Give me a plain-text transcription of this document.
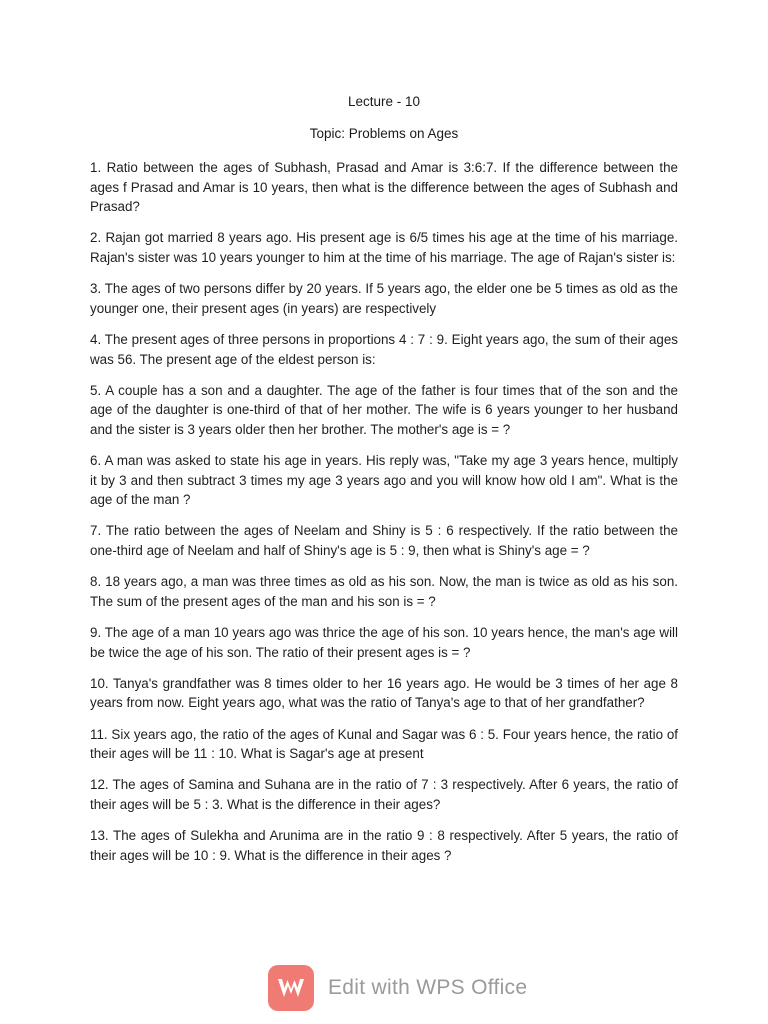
Lecture - 10
Topic: Problems on Ages

1. Ratio between the ages of Subhash, Prasad and Amar is 3:6:7. If the difference between the ages f Prasad and Amar is 10 years, then what is the difference between the ages of Subhash and Prasad?

2. Rajan got married 8 years ago. His present age is 6/5 times his age at the time of his marriage. Rajan's sister was 10 years younger to him at the time of his marriage. The age of Rajan's sister is:

3. The ages of two persons differ by 20 years. If 5 years ago, the elder one be 5 times as old as the younger one, their present ages (in years) are respectively

4. The present ages of three persons in proportions 4 : 7 : 9. Eight years ago, the sum of their ages was 56. The present age of the eldest person is:

5. A couple has a son and a daughter. The age of the father is four times that of the son and the age of the daughter is one-third of that of her mother. The wife is 6 years younger to her husband and the sister is 3 years older then her brother. The mother's age is = ?

6. A man was asked to state his age in years. His reply was, "Take my age 3 years hence, multiply it by 3 and then subtract 3 times my age 3 years ago and you will know how old I am". What is the age of the man ?

7. The ratio between the ages of Neelam and Shiny is 5 : 6 respectively. If the ratio between the one-third age of Neelam and half of Shiny's age is 5 : 9, then what is Shiny's age = ?

8. 18 years ago, a man was three times as old as his son. Now, the man is twice as old as his son. The sum of the present ages of the man and his son is = ?

9. The age of a man 10 years ago was thrice the age of his son. 10 years hence, the man's age will be twice the age of his son. The ratio of their present ages is = ?

10. Tanya's grandfather was 8 times older to her 16 years ago. He would be 3 times of her age 8 years from now. Eight years ago, what was the ratio of Tanya's age to that of her grandfather?

11. Six years ago, the ratio of the ages of Kunal and Sagar was 6 : 5. Four years hence, the ratio of their ages will be 11 : 10. What is Sagar's age at present

12. The ages of Samina and Suhana are in the ratio of 7 : 3 respectively. After 6 years, the ratio of their ages will be 5 : 3. What is the difference in their ages?

13. The ages of Sulekha and Arunima are in the ratio 9 : 8 respectively. After 5 years, the ratio of their ages will be 10 : 9. What is the difference in their ages ?

Edit with WPS Office
